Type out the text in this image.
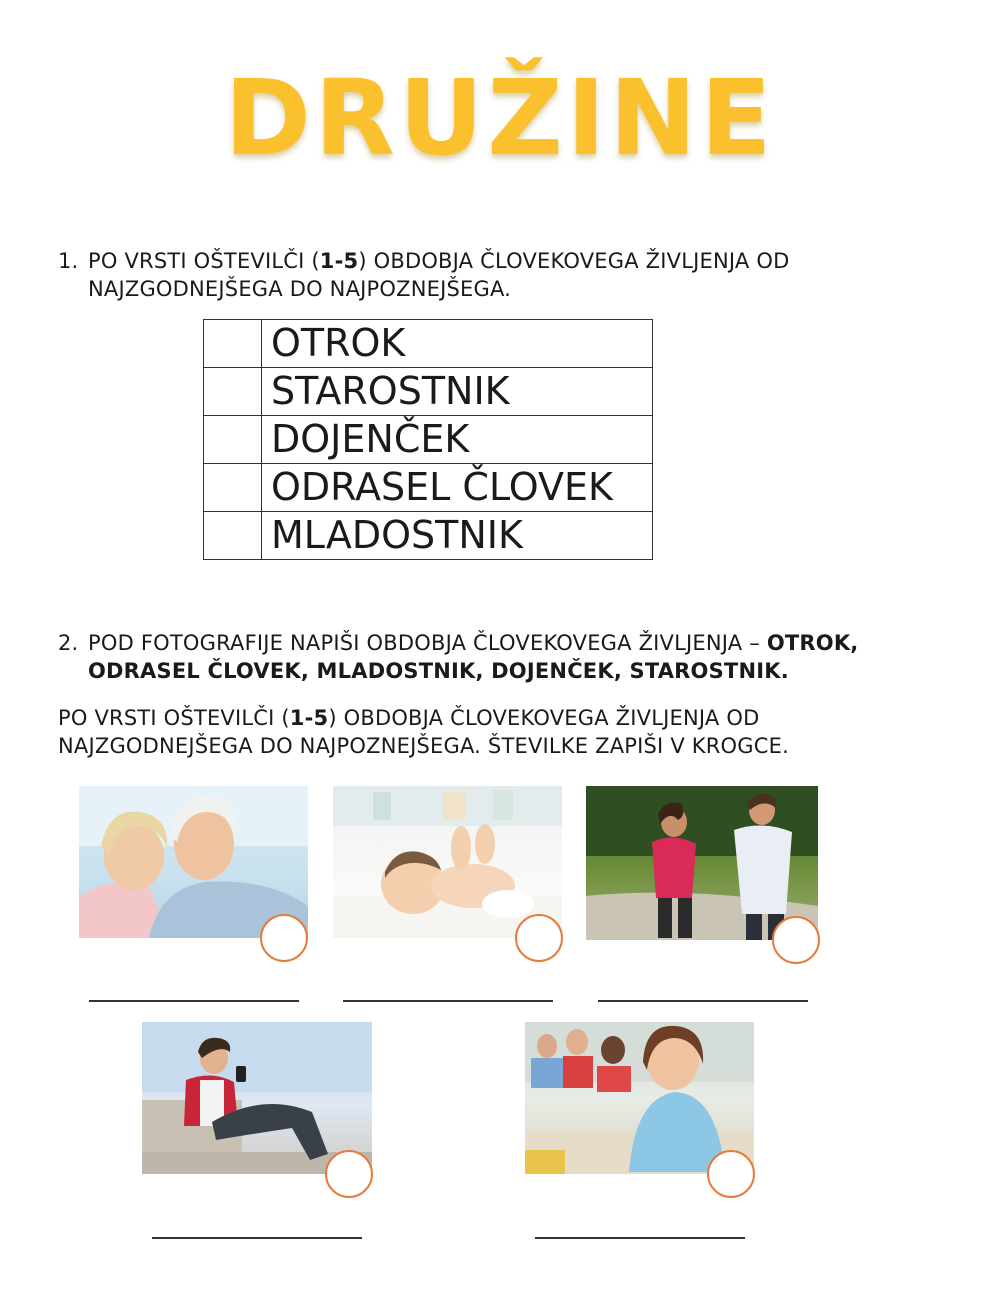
DRUŽINE
1. PO VRSTI OŠTEVILČI (1-5) OBDOBJA ČLOVEKOVEGA ŽIVLJENJA OD NAJZGODNEJŠEGA DO NAJPOZNEJŠEGA.
	OTROK
	STAROSTNIK
	DOJENČEK
	ODRASEL ČLOVEK
	MLADOSTNIK
2. POD FOTOGRAFIJE NAPIŠI OBDOBJA ČLOVEKOVEGA ŽIVLJENJA – OTROK, ODRASEL ČLOVEK, MLADOSTNIK, DOJENČEK, STAROSTNIK.
PO VRSTI OŠTEVILČI (1-5) OBDOBJA ČLOVEKOVEGA ŽIVLJENJA OD NAJZGODNEJŠEGA DO NAJPOZNEJŠEGA. ŠTEVILKE ZAPIŠI V KROGCE.
